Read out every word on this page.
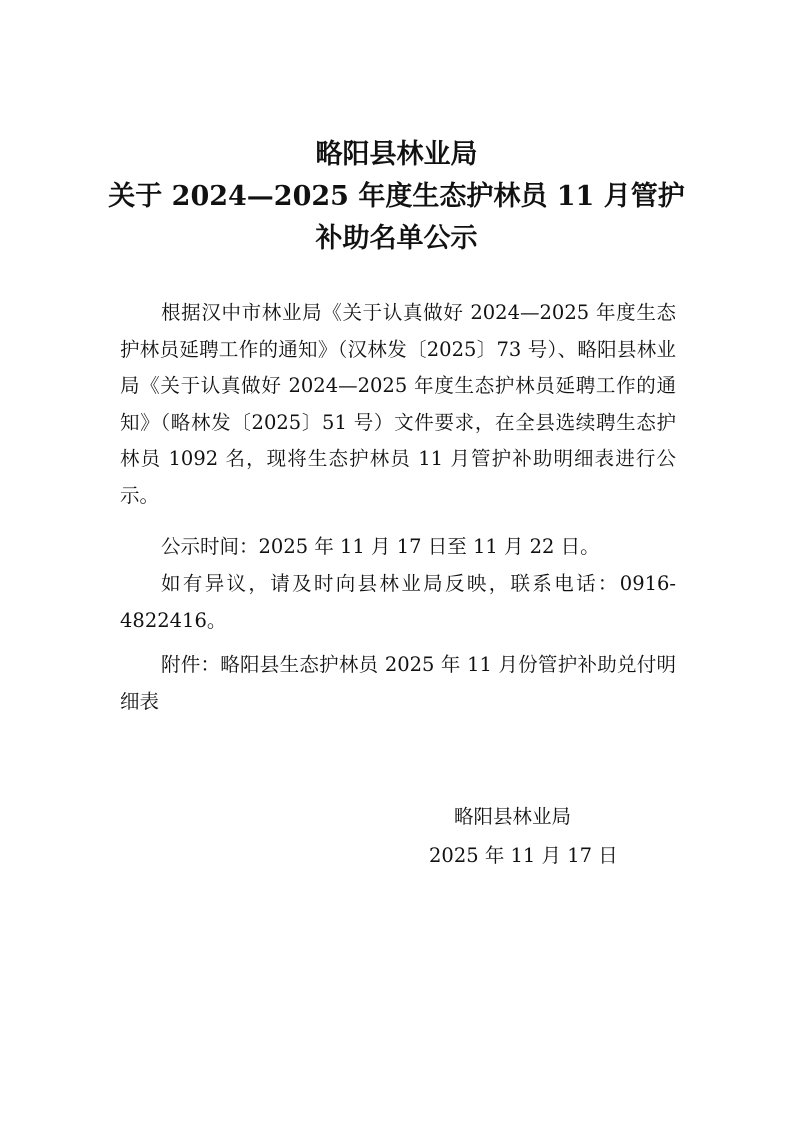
略阳县林业局
关于 2024—2025 年度生态护林员 11 月管护
补助名单公示

根据汉中市林业局《关于认真做好 2024—2025 年度生态护林员延聘工作的通知》（汉林发〔2025〕73 号）、略阳县林业局《关于认真做好 2024—2025 年度生态护林员延聘工作的通知》（略林发〔2025〕51 号）文件要求，在全县选续聘生态护林员 1092 名，现将生态护林员 11 月管护补助明细表进行公示。

公示时间：2025 年 11 月 17 日至 11 月 22 日。

如有异议，请及时向县林业局反映，联系电话：0916-4822416。

附件：略阳县生态护林员 2025 年 11 月份管护补助兑付明细表

略阳县林业局
2025 年 11 月 17 日
